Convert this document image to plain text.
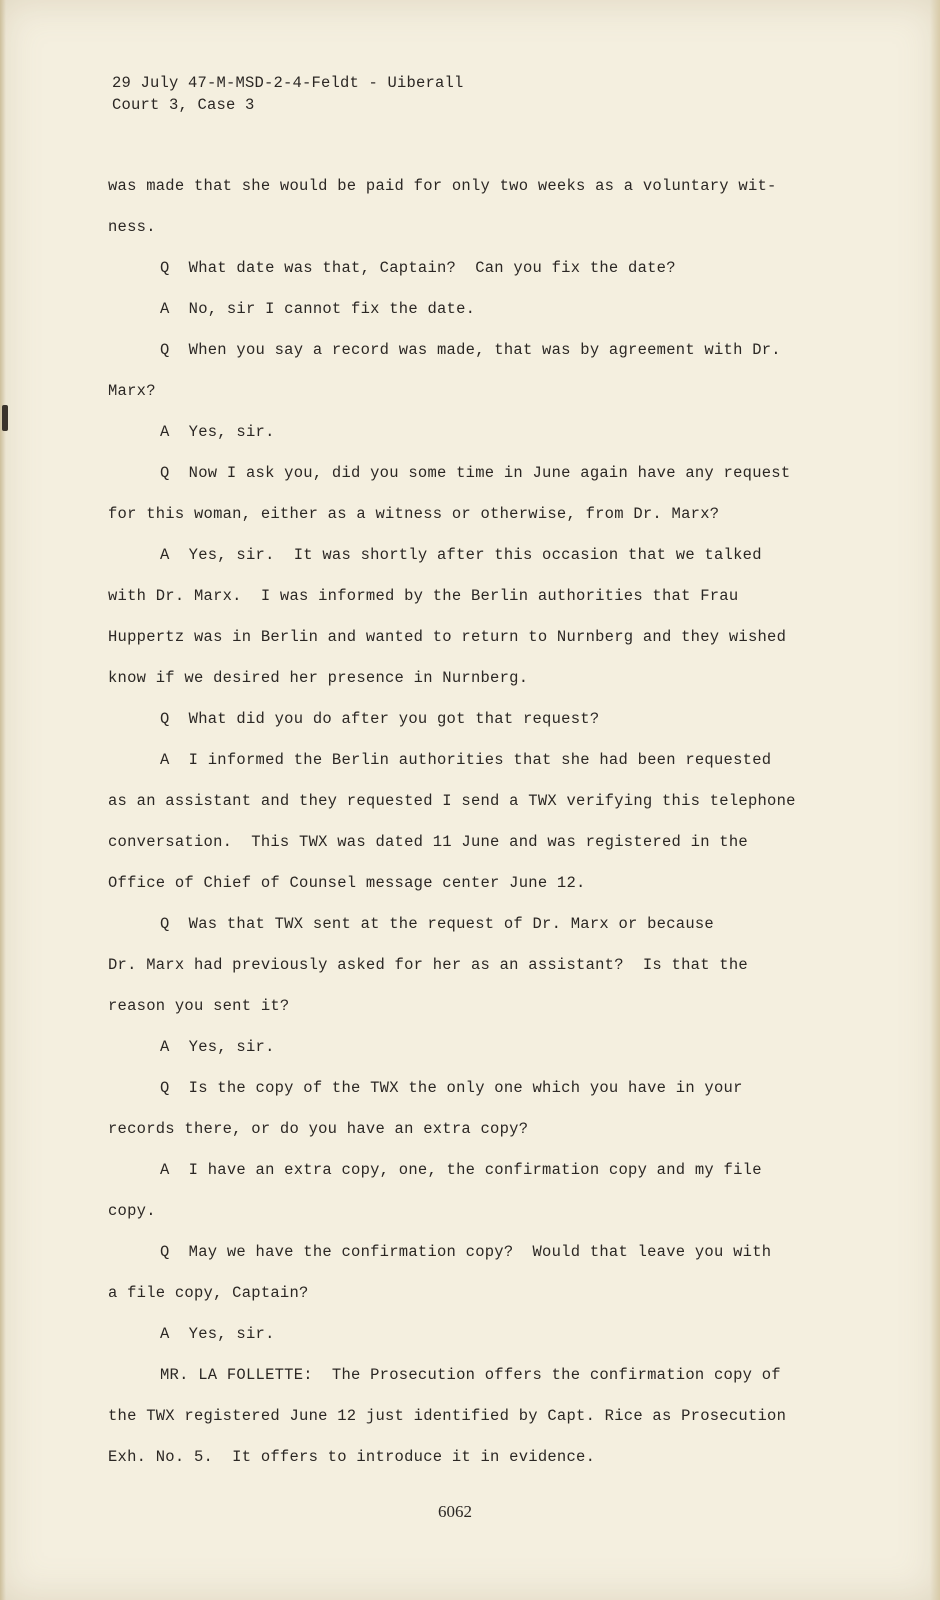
29 July 47-M-MSD-2-4-Feldt - Uiberall
Court 3, Case 3
was made that she would be paid for only two weeks as a voluntary wit-
ness.
Q  What date was that, Captain?  Can you fix the date?
A  No, sir I cannot fix the date.
Q  When you say a record was made, that was by agreement with Dr.
Marx?
A  Yes, sir.
Q  Now I ask you, did you some time in June again have any request
for this woman, either as a witness or otherwise, from Dr. Marx?
A  Yes, sir.  It was shortly after this occasion that we talked
with Dr. Marx.  I was informed by the Berlin authorities that Frau
Huppertz was in Berlin and wanted to return to Nurnberg and they wished
know if we desired her presence in Nurnberg.
Q  What did you do after you got that request?
A  I informed the Berlin authorities that she had been requested
as an assistant and they requested I send a TWX verifying this telephone
conversation.  This TWX was dated 11 June and was registered in the
Office of Chief of Counsel message center June 12.
Q  Was that TWX sent at the request of Dr. Marx or because
Dr. Marx had previously asked for her as an assistant?  Is that the
reason you sent it?
A  Yes, sir.
Q  Is the copy of the TWX the only one which you have in your
records there, or do you have an extra copy?
A  I have an extra copy, one, the confirmation copy and my file
copy.
Q  May we have the confirmation copy?  Would that leave you with
a file copy, Captain?
A  Yes, sir.
MR. LA FOLLETTE:  The Prosecution offers the confirmation copy of
the TWX registered June 12 just identified by Capt. Rice as Prosecution
Exh. No. 5.  It offers to introduce it in evidence.
6062
